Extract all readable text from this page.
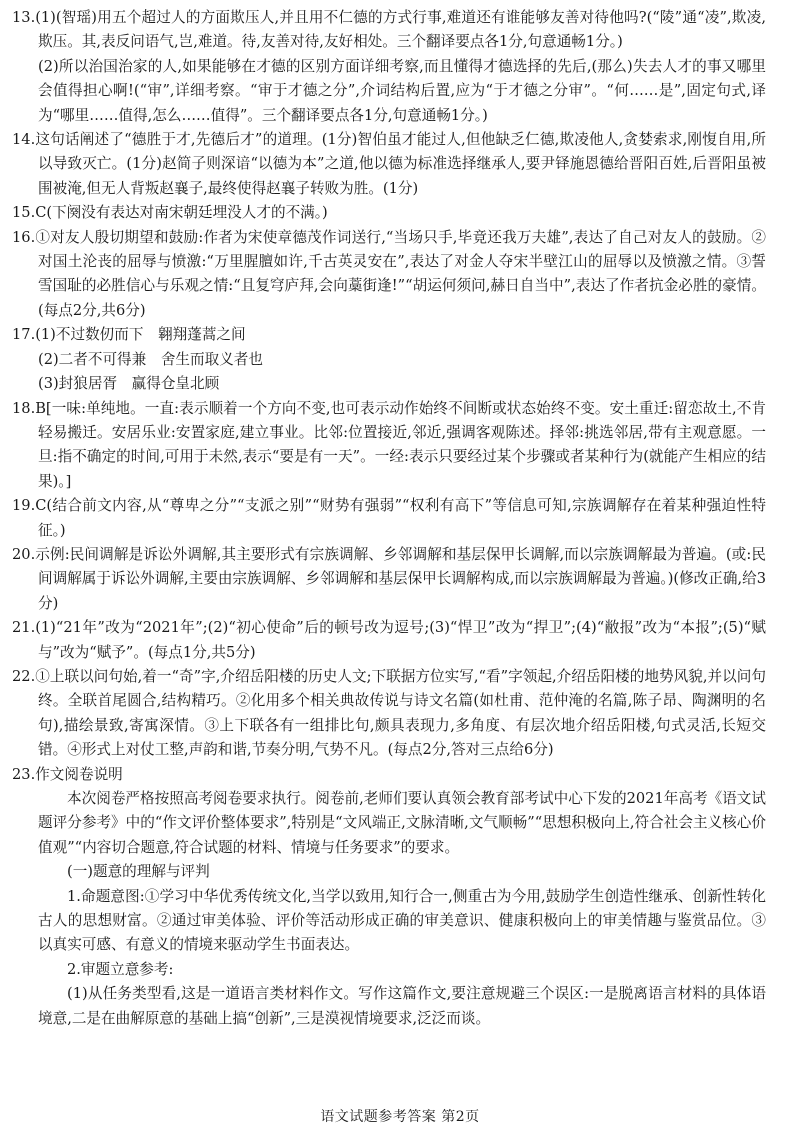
13.(1)(智瑶)用五个超过人的方面欺压人,并且用不仁德的方式行事,难道还有谁能够友善对待他吗?(“陵”通“凌”,欺凌,欺压。其,表反问语气,岂,难道。待,友善对待,友好相处。三个翻译要点各1分,句意通畅1分。)

(2)所以治国治家的人,如果能够在才德的区别方面详细考察,而且懂得才德选择的先后,(那么)失去人才的事又哪里会值得担心啊!(“审”,详细考察。“审于才德之分”,介词结构后置,应为“于才德之分审”。“何……是”,固定句式,译为“哪里……值得,怎么……值得”。三个翻译要点各1分,句意通畅1分。)

14.这句话阐述了“德胜于才,先德后才”的道理。(1分)智伯虽才能过人,但他缺乏仁德,欺凌他人,贪婪索求,刚愎自用,所以导致灭亡。(1分)赵简子则深谙“以德为本”之道,他以德为标准选择继承人,要尹铎施恩德给晋阳百姓,后晋阳虽被围被淹,但无人背叛赵襄子,最终使得赵襄子转败为胜。(1分)

15.C(下阕没有表达对南宋朝廷埋没人才的不满。)

16.①对友人殷切期望和鼓励:作者为宋使章德茂作词送行,“当场只手,毕竟还我万夫雄”,表达了自己对友人的鼓励。②对国土沦丧的屈辱与愤激:“万里腥膻如许,千古英灵安在”,表达了对金人夺宋半壁江山的屈辱以及愤激之情。③誓雪国耻的必胜信心与乐观之情:“且复穹庐拜,会向藁街逢!”“胡运何须问,赫日自当中”,表达了作者抗金必胜的豪情。(每点2分,共6分)

17.(1)不过数仞而下　翱翔蓬蒿之间

(2)二者不可得兼　舍生而取义者也

(3)封狼居胥　赢得仓皇北顾

18.B[一味:单纯地。一直:表示顺着一个方向不变,也可表示动作始终不间断或状态始终不变。安土重迁:留恋故土,不肯轻易搬迁。安居乐业:安置家庭,建立事业。比邻:位置接近,邻近,强调客观陈述。择邻:挑选邻居,带有主观意愿。一旦:指不确定的时间,可用于未然,表示“要是有一天”。一经:表示只要经过某个步骤或者某种行为(就能产生相应的结果)。]

19.C(结合前文内容,从“尊卑之分”“支派之别”“财势有强弱”“权利有高下”等信息可知,宗族调解存在着某种强迫性特征。)

20.示例:民间调解是诉讼外调解,其主要形式有宗族调解、乡邻调解和基层保甲长调解,而以宗族调解最为普遍。(或:民间调解属于诉讼外调解,主要由宗族调解、乡邻调解和基层保甲长调解构成,而以宗族调解最为普遍。)(修改正确,给3分)

21.(1)“21年”改为“2021年”;(2)“初心使命”后的顿号改为逗号;(3)“悍卫”改为“捍卫”;(4)“敝报”改为“本报”;(5)“赋与”改为“赋予”。(每点1分,共5分)

22.①上联以问句始,着一“奇”字,介绍岳阳楼的历史人文;下联据方位实写,“看”字领起,介绍岳阳楼的地势风貌,并以问句终。全联首尾圆合,结构精巧。②化用多个相关典故传说与诗文名篇(如杜甫、范仲淹的名篇,陈子昂、陶渊明的名句),描绘景致,寄寓深情。③上下联各有一组排比句,颇具表现力,多角度、有层次地介绍岳阳楼,句式灵活,长短交错。④形式上对仗工整,声韵和谐,节奏分明,气势不凡。(每点2分,答对三点给6分)

23.作文阅卷说明

本次阅卷严格按照高考阅卷要求执行。阅卷前,老师们要认真领会教育部考试中心下发的2021年高考《语文试题评分参考》中的“作文评价整体要求”,特别是“文风端正,文脉清晰,文气顺畅”“思想积极向上,符合社会主义核心价值观”“内容切合题意,符合试题的材料、情境与任务要求”的要求。

(一)题意的理解与评判

1.命题意图:①学习中华优秀传统文化,当学以致用,知行合一,侧重古为今用,鼓励学生创造性继承、创新性转化古人的思想财富。②通过审美体验、评价等活动形成正确的审美意识、健康积极向上的审美情趣与鉴赏品位。③以真实可感、有意义的情境来驱动学生书面表达。

2.审题立意参考:

(1)从任务类型看,这是一道语言类材料作文。写作这篇作文,要注意规避三个误区:一是脱离语言材料的具体语境意,二是在曲解原意的基础上搞“创新”,三是漠视情境要求,泛泛而谈。

语文试题参考答案 第2页
